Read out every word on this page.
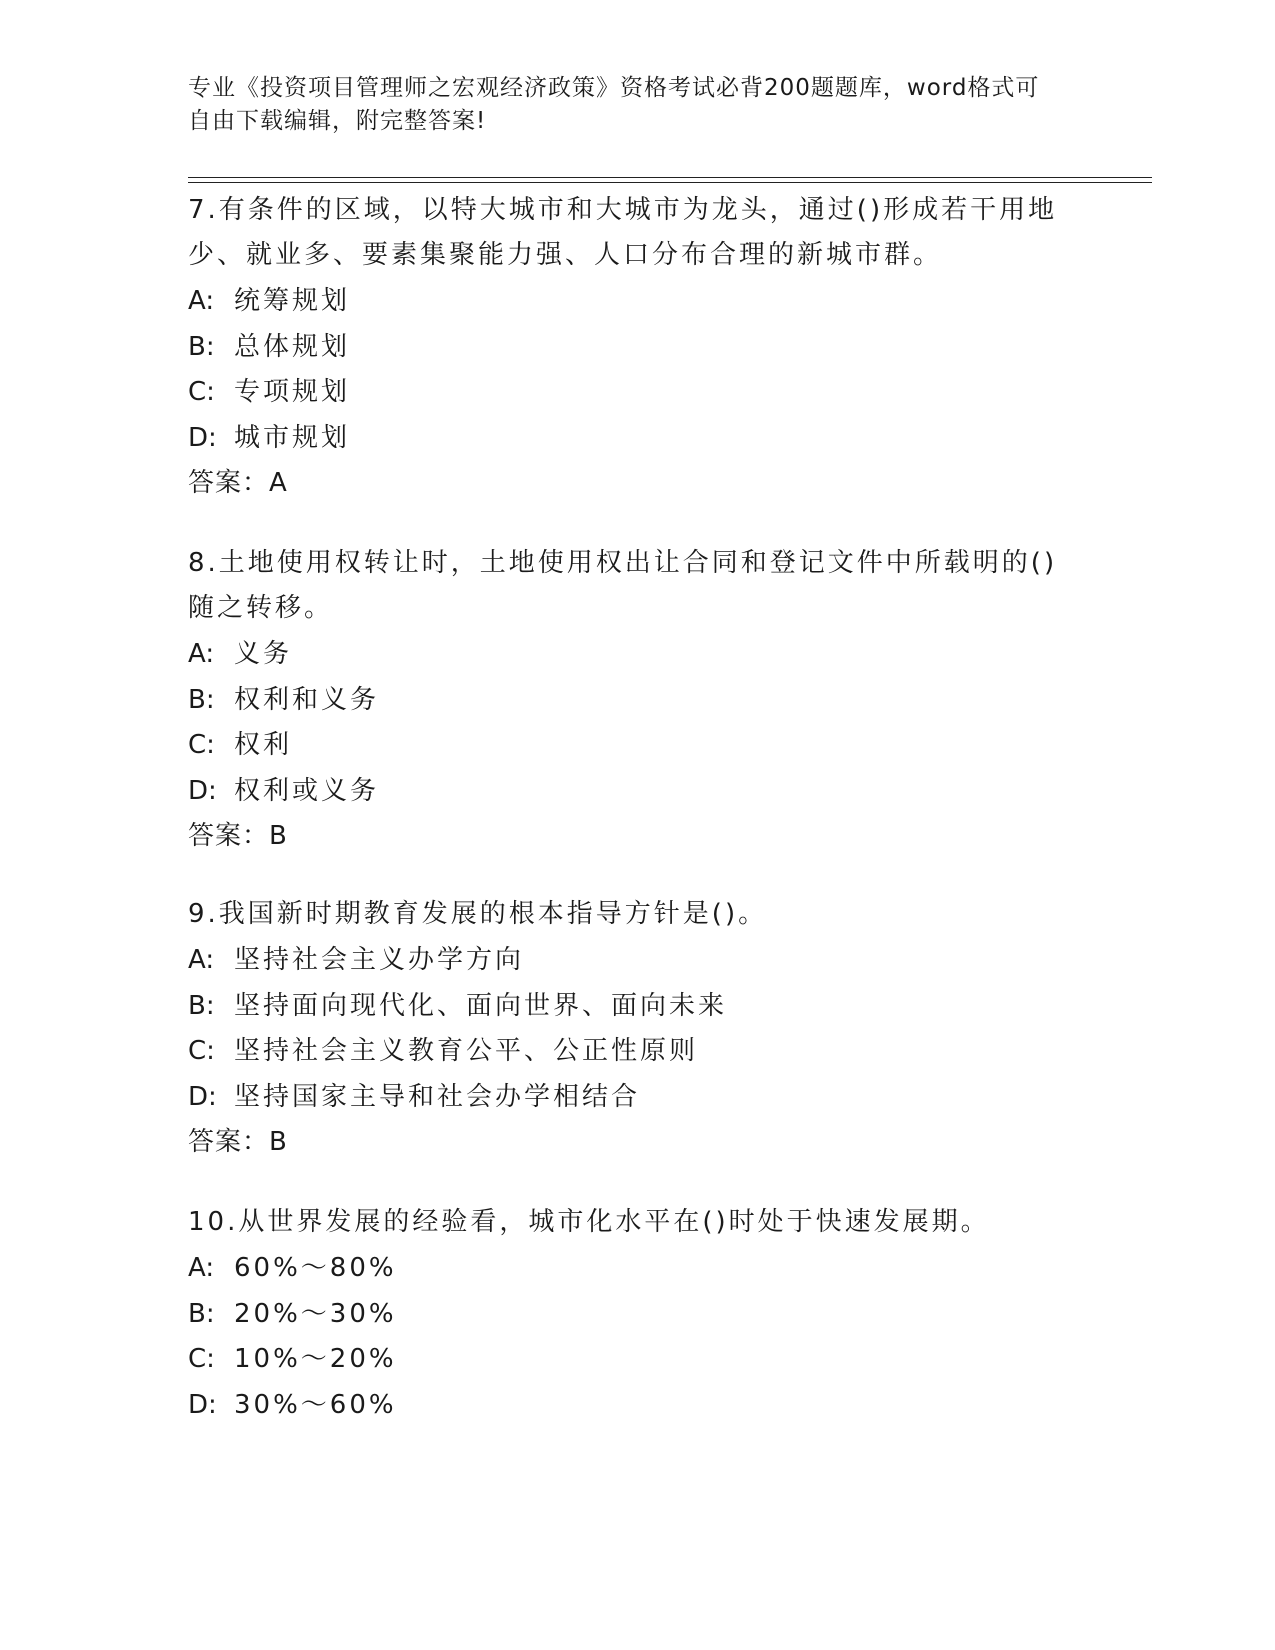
专业《投资项目管理师之宏观经济政策》资格考试必背200题题库，word格式可
自由下载编辑，附完整答案!
7.有条件的区域，以特大城市和大城市为龙头，通过()形成若干用地
少、就业多、要素集聚能力强、人口分布合理的新城市群。
A: 统筹规划
B: 总体规划
C: 专项规划
D: 城市规划
答案：A
8.土地使用权转让时，土地使用权出让合同和登记文件中所载明的()
随之转移。
A: 义务
B: 权利和义务
C: 权利
D: 权利或义务
答案：B
9.我国新时期教育发展的根本指导方针是()。
A: 坚持社会主义办学方向
B: 坚持面向现代化、面向世界、面向未来
C: 坚持社会主义教育公平、公正性原则
D: 坚持国家主导和社会办学相结合
答案：B
10.从世界发展的经验看，城市化水平在()时处于快速发展期。
A: 60%～80%
B: 20%～30%
C: 10%～20%
D: 30%～60%
